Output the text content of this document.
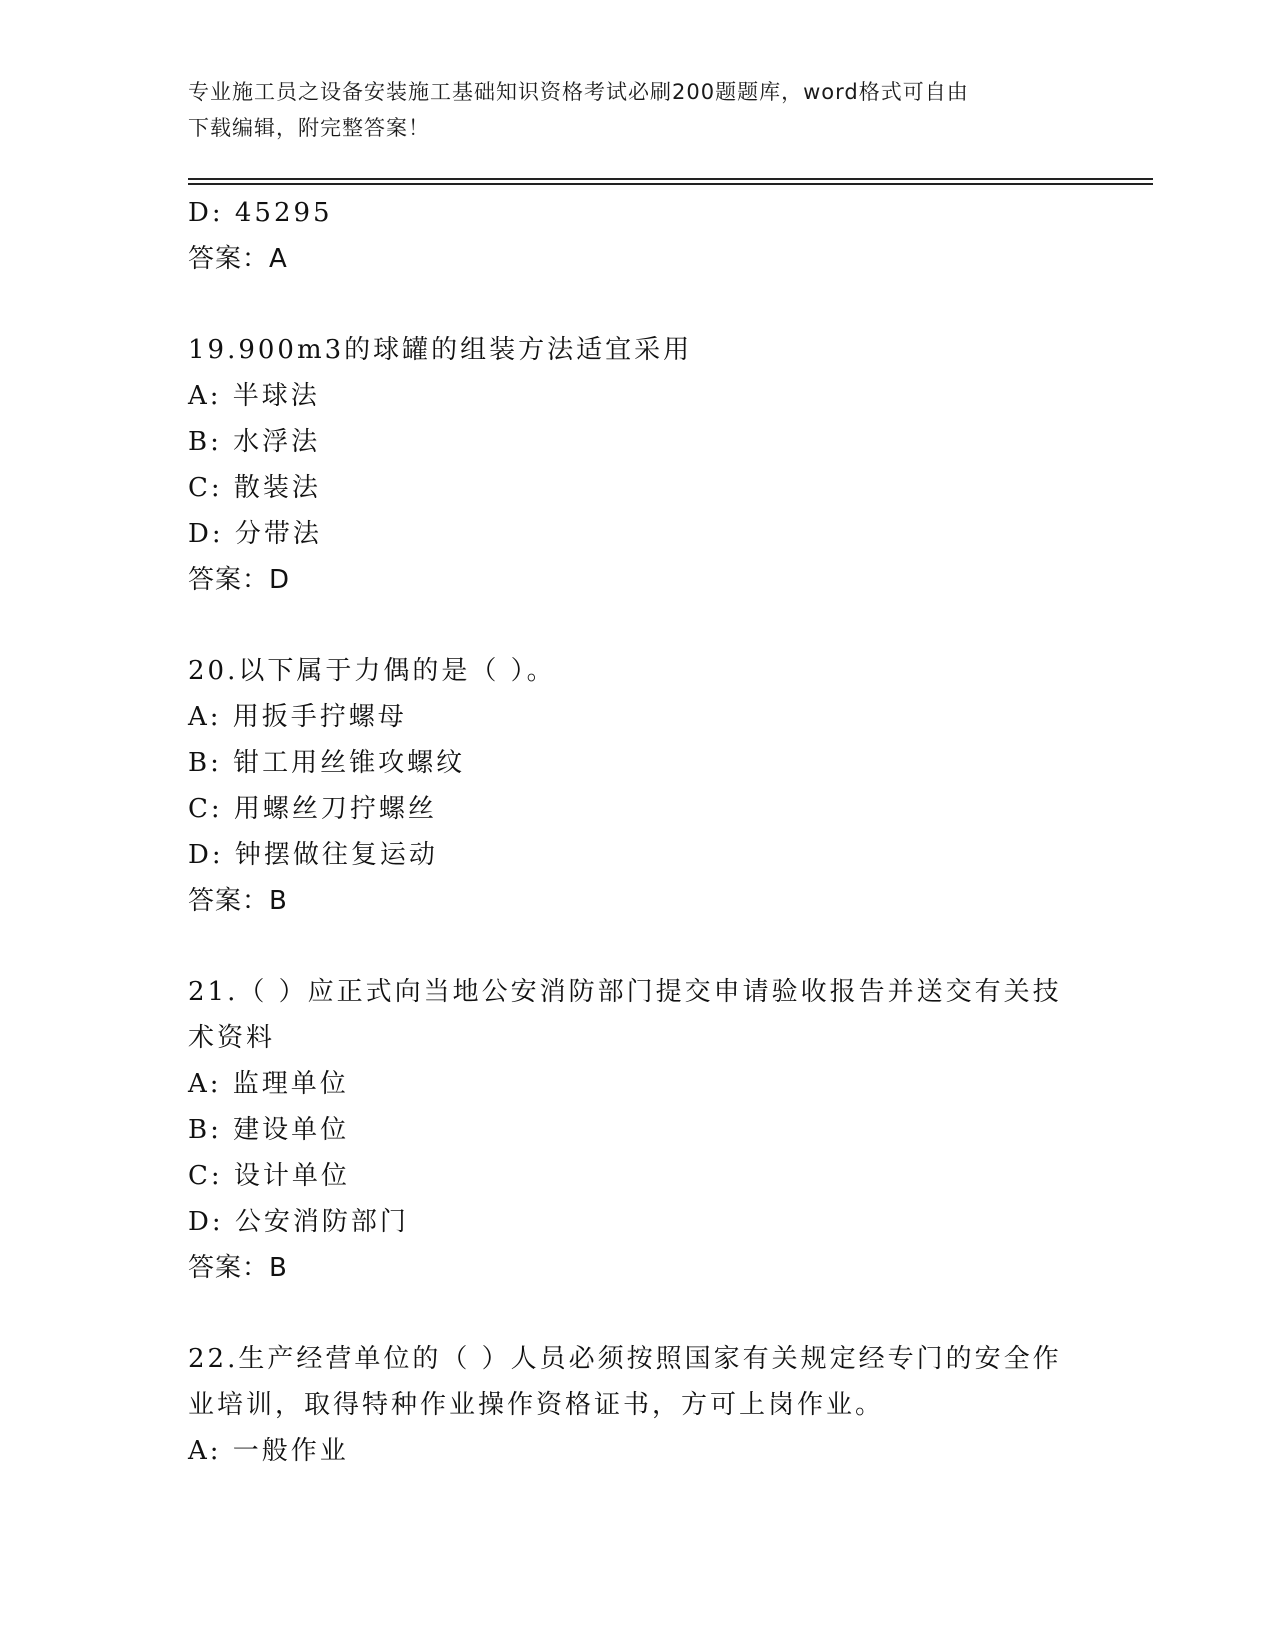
专业施工员之设备安装施工基础知识资格考试必刷200题题库，word格式可自由
下载编辑，附完整答案！
D: 45295
答案：A
19.900m3的球罐的组装方法适宜采用
A: 半球法
B: 水浮法
C: 散装法
D: 分带法
答案：D
20.以下属于力偶的是（ ）。
A: 用扳手拧螺母
B: 钳工用丝锥攻螺纹
C: 用螺丝刀拧螺丝
D: 钟摆做往复运动
答案：B
21.（ ）应正式向当地公安消防部门提交申请验收报告并送交有关技
术资料
A: 监理单位
B: 建设单位
C: 设计单位
D: 公安消防部门
答案：B
22.生产经营单位的（ ）人员必须按照国家有关规定经专门的安全作
业培训，取得特种作业操作资格证书，方可上岗作业。
A: 一般作业
